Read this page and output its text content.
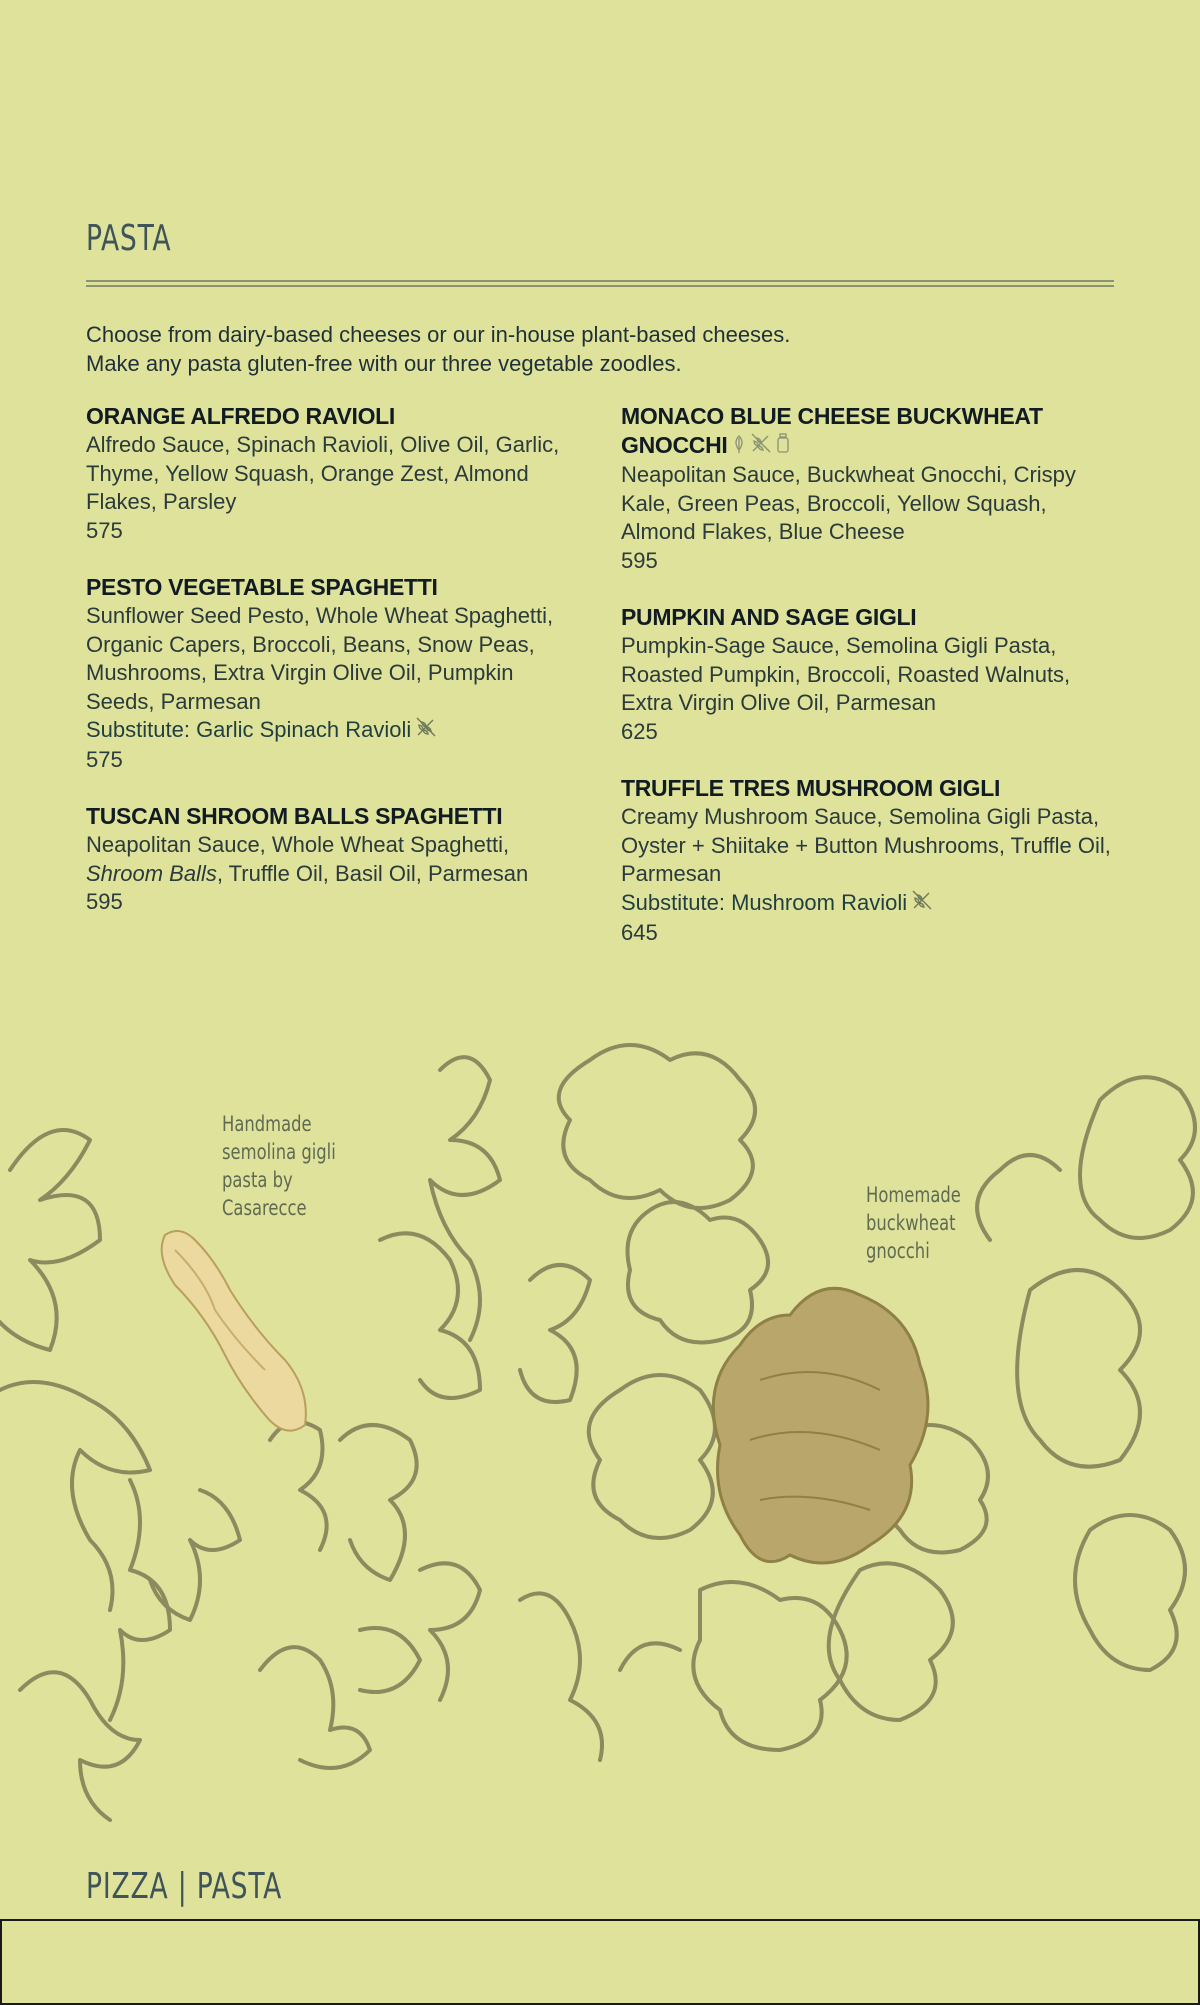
PASTA
Choose from dairy-based cheeses or our in-house plant-based cheeses.
Make any pasta gluten-free with our three vegetable zoodles.
ORANGE ALFREDO RAVIOLI
Alfredo Sauce, Spinach Ravioli, Olive Oil, Garlic, Thyme, Yellow Squash, Orange Zest, Almond Flakes, Parsley
575
PESTO VEGETABLE SPAGHETTI
Sunflower Seed Pesto, Whole Wheat Spaghetti, Organic Capers, Broccoli, Beans, Snow Peas, Mushrooms, Extra Virgin Olive Oil, Pumpkin Seeds, Parmesan
Substitute: Garlic Spinach Ravioli
575
TUSCAN SHROOM BALLS SPAGHETTI
Neapolitan Sauce, Whole Wheat Spaghetti,
Shroom Balls, Truffle Oil, Basil Oil, Parmesan
595
MONACO BLUE CHEESE BUCKWHEAT GNOCCHI
Neapolitan Sauce, Buckwheat Gnocchi, Crispy Kale, Green Peas, Broccoli, Yellow Squash, Almond Flakes, Blue Cheese
595
PUMPKIN AND SAGE GIGLI
Pumpkin-Sage Sauce, Semolina Gigli Pasta, Roasted Pumpkin, Broccoli, Roasted Walnuts, Extra Virgin Olive Oil, Parmesan
625
TRUFFLE TRES MUSHROOM GIGLI
Creamy Mushroom Sauce, Semolina Gigli Pasta, Oyster + Shiitake + Button Mushrooms, Truffle Oil, Parmesan
Substitute: Mushroom Ravioli
645
Handmade
semolina gigli
pasta by
Casarecce
Homemade
buckwheat
gnocchi
PIZZA | PASTA
